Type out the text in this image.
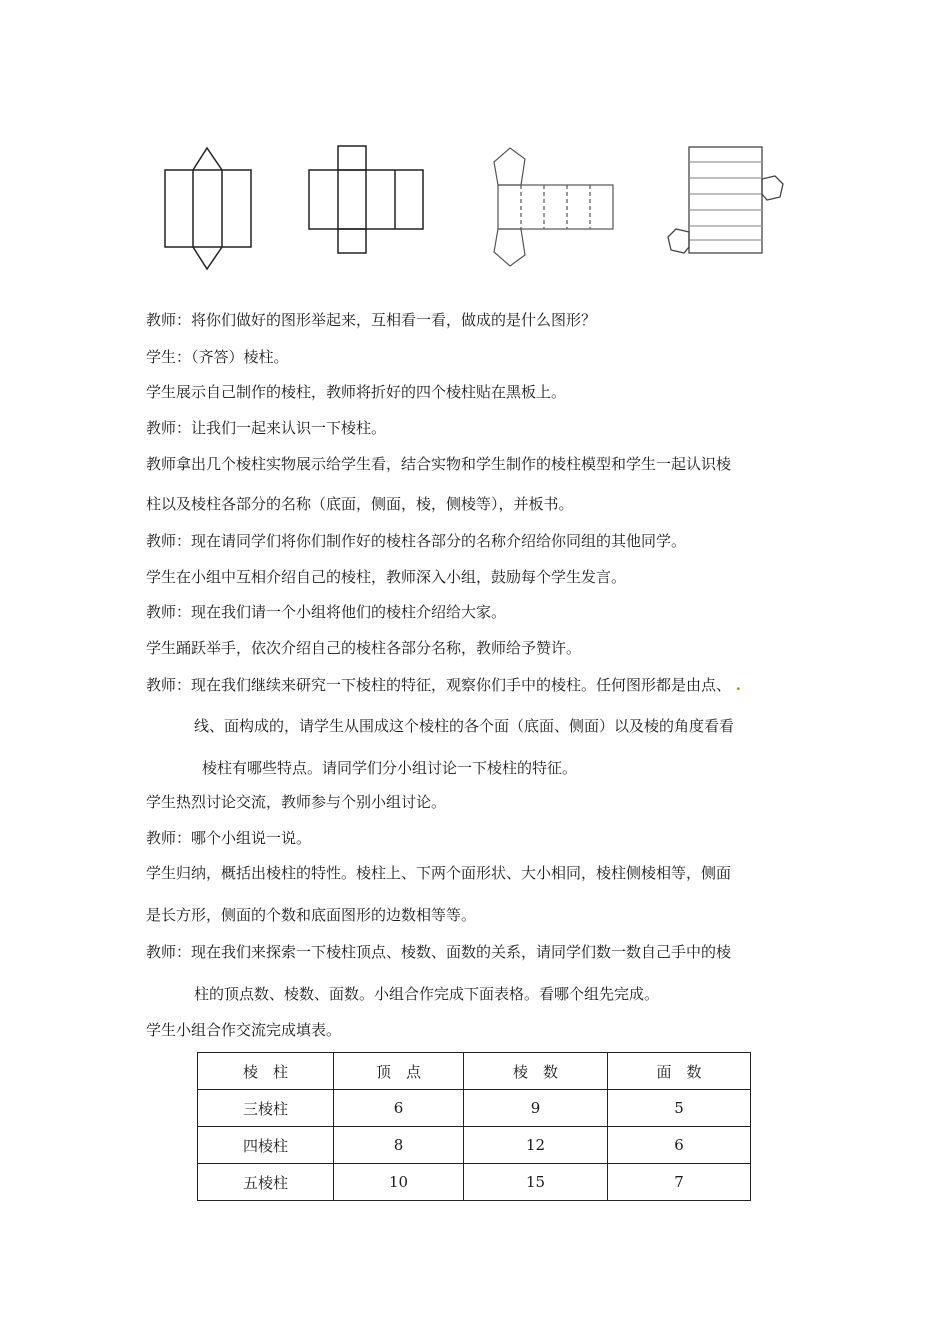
教师：将你们做好的图形举起来，互相看一看，做成的是什么图形？
学生：（齐答）棱柱。
学生展示自己制作的棱柱，教师将折好的四个棱柱贴在黑板上。
教师：让我们一起来认识一下棱柱。
教师拿出几个棱柱实物展示给学生看，结合实物和学生制作的棱柱模型和学生一起认识棱
柱以及棱柱各部分的名称（底面，侧面，棱，侧棱等），并板书。
教师：现在请同学们将你们制作好的棱柱各部分的名称介绍给你同组的其他同学。
学生在小组中互相介绍自己的棱柱，教师深入小组，鼓励每个学生发言。
教师：现在我们请一个小组将他们的棱柱介绍给大家。
学生踊跃举手，依次介绍自己的棱柱各部分名称，教师给予赞许。
教师：现在我们继续来研究一下棱柱的特征，观察你们手中的棱柱。任何图形都是由点、 .
线、面构成的，请学生从围成这个棱柱的各个面（底面、侧面）以及棱的角度看看
棱柱有哪些特点。请同学们分小组讨论一下棱柱的特征。
学生热烈讨论交流，教师参与个别小组讨论。
教师：哪个小组说一说。
学生归纳，概括出棱柱的特性。棱柱上、下两个面形状、大小相同，棱柱侧棱相等，侧面
是长方形，侧面的个数和底面图形的边数相等等。
教师：现在我们来探索一下棱柱顶点、棱数、面数的关系，请同学们数一数自己手中的棱
柱的顶点数、棱数、面数。小组合作完成下面表格。看哪个组先完成。
学生小组合作交流完成填表。
棱　柱	顶　点	棱　数	面　数
三棱柱	6	9	5
四棱柱	8	12	6
五棱柱	10	15	7
